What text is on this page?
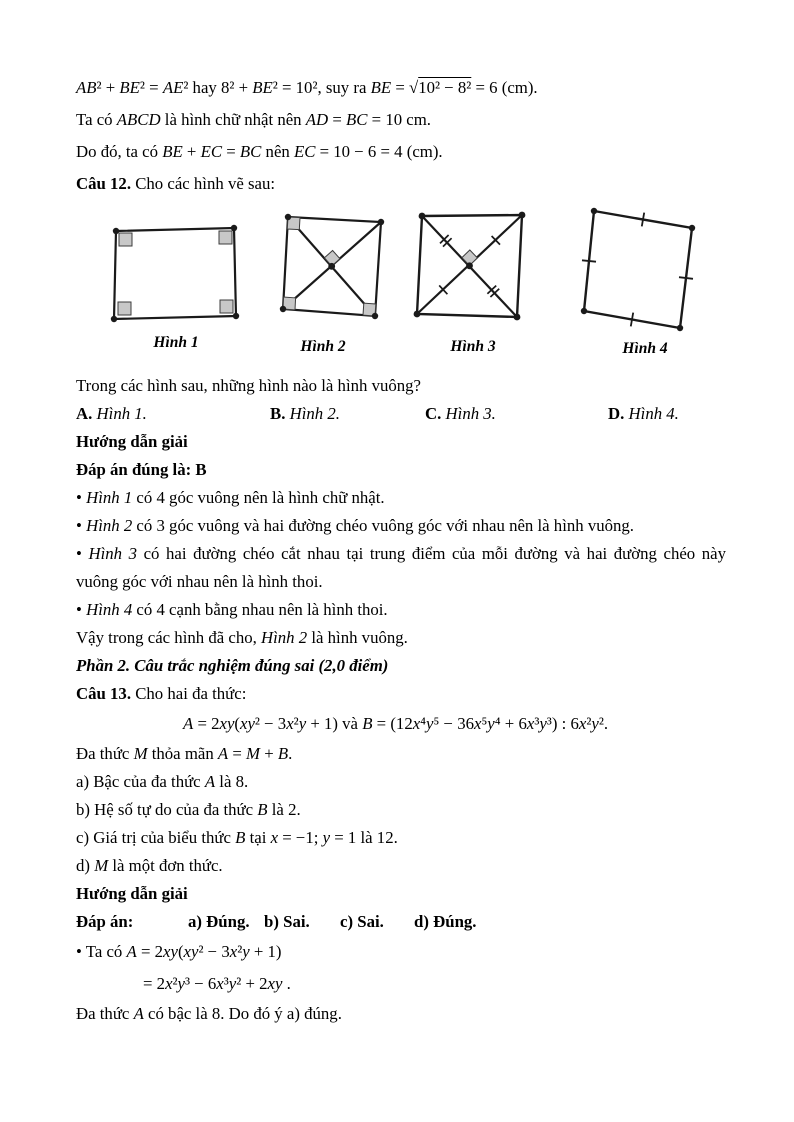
AB² + BE² = AE² hay 8² + BE² = 10², suy ra BE = √10² − 8² = 6 (cm).

Ta có ABCD là hình chữ nhật nên AD = BC = 10 cm.

Do đó, ta có BE + EC = BC nên EC = 10 − 6 = 4 (cm).

Câu 12. Cho các hình vẽ sau:

Hình 1	Hình 2	Hình 3	Hình 4

Trong các hình sau, những hình nào là hình vuông?

A. Hình 1.	B. Hình 2.	C. Hình 3.	D. Hình 4.

Hướng dẫn giải

Đáp án đúng là: B

• Hình 1 có 4 góc vuông nên là hình chữ nhật.

• Hình 2 có 3 góc vuông và hai đường chéo vuông góc với nhau nên là hình vuông.

• Hình 3 có hai đường chéo cắt nhau tại trung điểm của mỗi đường và hai đường chéo này vuông góc với nhau nên là hình thoi.

• Hình 4 có 4 cạnh bằng nhau nên là hình thoi.

Vậy trong các hình đã cho, Hình 2 là hình vuông.

Phần 2. Câu trắc nghiệm đúng sai (2,0 điểm)

Câu 13. Cho hai đa thức:

A = 2xy(xy² − 3x²y + 1) và B = (12x⁴y⁵ − 36x⁵y⁴ + 6x³y³) : 6x²y².

Đa thức M thỏa mãn A = M + B.

a) Bậc của đa thức A là 8.

b) Hệ số tự do của đa thức B là 2.

c) Giá trị của biểu thức B tại x = −1; y = 1 là 12.

d) M là một đơn thức.

Hướng dẫn giải

Đáp án:	a) Đúng. b) Sai.	c) Sai.	d) Đúng.

• Ta có A = 2xy(xy² − 3x²y + 1)

= 2x²y³ − 6x³y² + 2xy .

Đa thức A có bậc là 8. Do đó ý a) đúng.
